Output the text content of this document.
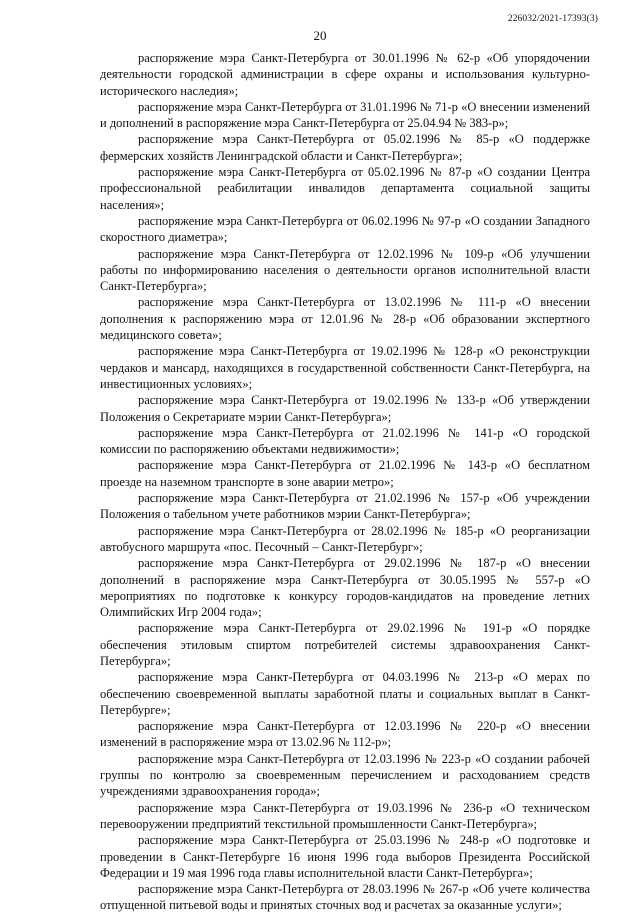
226032/2021-17393(3)
20

распоряжение мэра Санкт-Петербурга от 30.01.1996 № 62-р «Об упорядочении деятельности городской администрации в сфере охраны и использования культурно-исторического наследия»;

распоряжение мэра Санкт-Петербурга от 31.01.1996 № 71-р «О внесении изменений и дополнений в распоряжение мэра Санкт-Петербурга от 25.04.94 № 383-р»;

распоряжение мэра Санкт-Петербурга от 05.02.1996 № 85-р «О поддержке фермерских хозяйств Ленинградской области и Санкт-Петербурга»;

распоряжение мэра Санкт-Петербурга от 05.02.1996 № 87-р «О создании Центра профессиональной реабилитации инвалидов департамента социальной защиты населения»;

распоряжение мэра Санкт-Петербурга от 06.02.1996 № 97-р «О создании Западного скоростного диаметра»;

распоряжение мэра Санкт-Петербурга от 12.02.1996 № 109-р «Об улучшении работы по информированию населения о деятельности органов исполнительной власти Санкт-Петербурга»;

распоряжение мэра Санкт-Петербурга от 13.02.1996 № 111-р «О внесении дополнения к распоряжению мэра от 12.01.96 № 28-р «Об образовании экспертного медицинского совета»;

распоряжение мэра Санкт-Петербурга от 19.02.1996 № 128-р «О реконструкции чердаков и мансард, находящихся в государственной собственности Санкт-Петербурга, на инвестиционных условиях»;

распоряжение мэра Санкт-Петербурга от 19.02.1996 № 133-р «Об утверждении Положения о Секретариате мэрии Санкт-Петербурга»;

распоряжение мэра Санкт-Петербурга от 21.02.1996 № 141-р «О городской комиссии по распоряжению объектами недвижимости»;

распоряжение мэра Санкт-Петербурга от 21.02.1996 № 143-р «О бесплатном проезде на наземном транспорте в зоне аварии метро»;

распоряжение мэра Санкт-Петербурга от 21.02.1996 № 157-р «Об учреждении Положения о табельном учете работников мэрии Санкт-Петербурга»;

распоряжение мэра Санкт-Петербурга от 28.02.1996 № 185-р «О реорганизации автобусного маршрута «пос. Песочный – Санкт-Петербург»;

распоряжение мэра Санкт-Петербурга от 29.02.1996 № 187-р «О внесении дополнений в распоряжение мэра Санкт-Петербурга от 30.05.1995 № 557-р «О мероприятиях по подготовке к конкурсу городов-кандидатов на проведение летних Олимпийских Игр 2004 года»;

распоряжение мэра Санкт-Петербурга от 29.02.1996 № 191-р «О порядке обеспечения этиловым спиртом потребителей системы здравоохранения Санкт-Петербурга»;

распоряжение мэра Санкт-Петербурга от 04.03.1996 № 213-р «О мерах по обеспечению своевременной выплаты заработной платы и социальных выплат в Санкт-Петербурге»;

распоряжение мэра Санкт-Петербурга от 12.03.1996 № 220-р «О внесении изменений в распоряжение мэра от 13.02.96 № 112-р»;

распоряжение мэра Санкт-Петербурга от 12.03.1996 № 223-р «О создании рабочей группы по контролю за своевременным перечислением и расходованием средств учреждениями здравоохранения города»;

распоряжение мэра Санкт-Петербурга от 19.03.1996 № 236-р «О техническом перевооружении предприятий текстильной промышленности Санкт-Петербурга»;

распоряжение мэра Санкт-Петербурга от 25.03.1996 № 248-р «О подготовке и проведении в Санкт-Петербурге 16 июня 1996 года выборов Президента Российской Федерации и 19 мая 1996 года главы исполнительной власти Санкт-Петербурга»;

распоряжение мэра Санкт-Петербурга от 28.03.1996 № 267-р «Об учете количества отпущенной питьевой воды и принятых сточных вод и расчетах за оказанные услуги»;
